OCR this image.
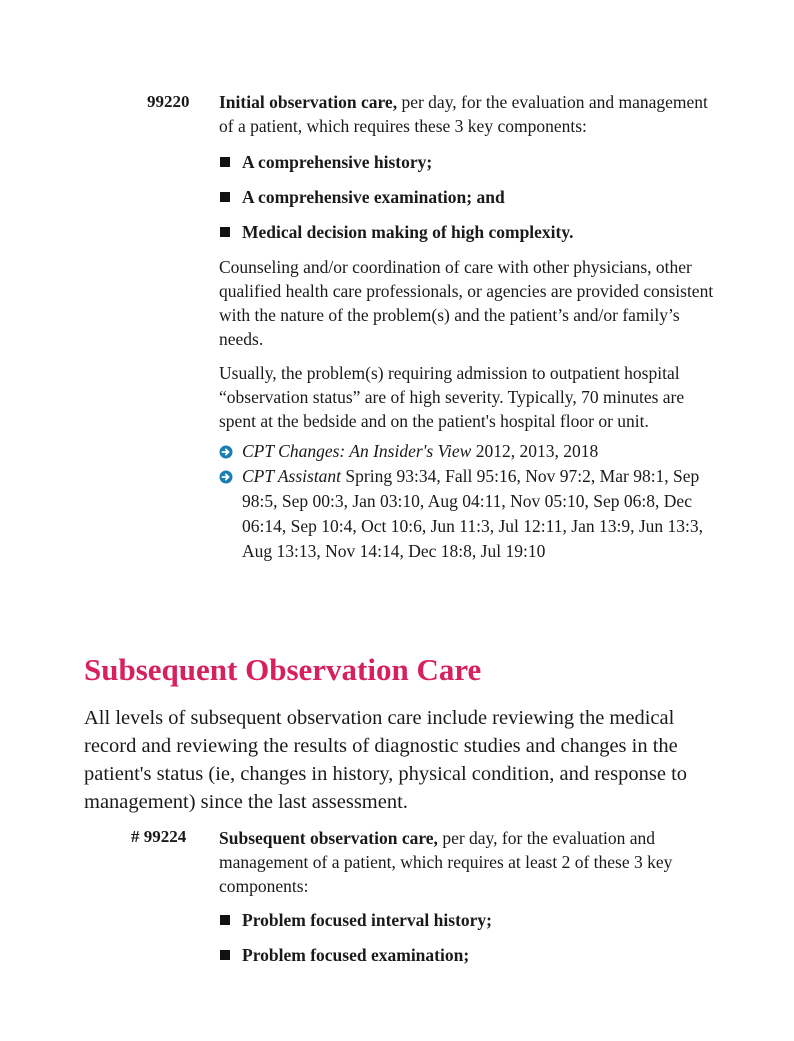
99220 Initial observation care, per day, for the evaluation and management of a patient, which requires these 3 key components:

A comprehensive history;
A comprehensive examination; and
Medical decision making of high complexity.

Counseling and/or coordination of care with other physicians, other qualified health care professionals, or agencies are provided consistent with the nature of the problem(s) and the patient’s and/or family’s needs.

Usually, the problem(s) requiring admission to outpatient hospital “observation status” are of high severity. Typically, 70 minutes are spent at the bedside and on the patient's hospital floor or unit.

CPT Changes: An Insider's View 2012, 2013, 2018
CPT Assistant Spring 93:34, Fall 95:16, Nov 97:2, Mar 98:1, Sep 98:5, Sep 00:3, Jan 03:10, Aug 04:11, Nov 05:10, Sep 06:8, Dec 06:14, Sep 10:4, Oct 10:6, Jun 11:3, Jul 12:11, Jan 13:9, Jun 13:3, Aug 13:13, Nov 14:14, Dec 18:8, Jul 19:10
Subsequent Observation Care

All levels of subsequent observation care include reviewing the medical record and reviewing the results of diagnostic studies and changes in the patient's status (ie, changes in history, physical condition, and response to management) since the last assessment.

# 99224 Subsequent observation care, per day, for the evaluation and management of a patient, which requires at least 2 of these 3 key components:

Problem focused interval history;
Problem focused examination;
